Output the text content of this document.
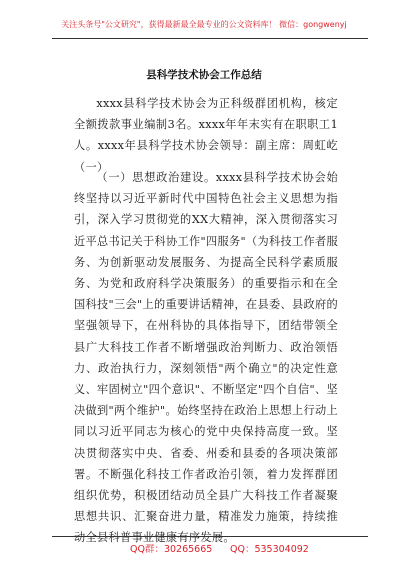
关注头条号"公文研究"，获得最新最全最专业的公文资料库！ 微信：gongwenyj
县科学技术协会工作总结

xxxx县科学技术协会为正科级群团机构，核定全额拨款事业编制3名。xxxx年年末实有在职职工1人。xxxx年县科学技术协会领导：副主席：周虹屹（一）

（一）思想政治建设。xxxx县科学技术协会始终坚持以习近平新时代中国特色社会主义思想为指引，深入学习贯彻党的XX大精神，深入贯彻落实习近平总书记关于科协工作"四服务"（为科技工作者服务、为创新驱动发展服务、为提高全民科学素质服务、为党和政府科学决策服务）的重要指示和在全国科技"三会"上的重要讲话精神，在县委、县政府的坚强领导下，在州科协的具体指导下，团结带领全县广大科技工作者不断增强政治判断力、政治领悟力、政治执行力，深刻领悟"两个确立"的决定性意义、牢固树立"四个意识"、不断坚定"四个自信"、坚决做到"两个维护"。始终坚持在政治上思想上行动上同以习近平同志为核心的党中央保持高度一致。坚决贯彻落实中央、省委、州委和县委的各项决策部署。不断强化科技工作者政治引领，着力发挥群团组织优势，积极团结动员全县广大科技工作者凝聚思想共识、汇聚奋进力量，精准发力施策，持续推动全县科普事业健康有序发展。

QQ群：30265665 QQ：535304092
